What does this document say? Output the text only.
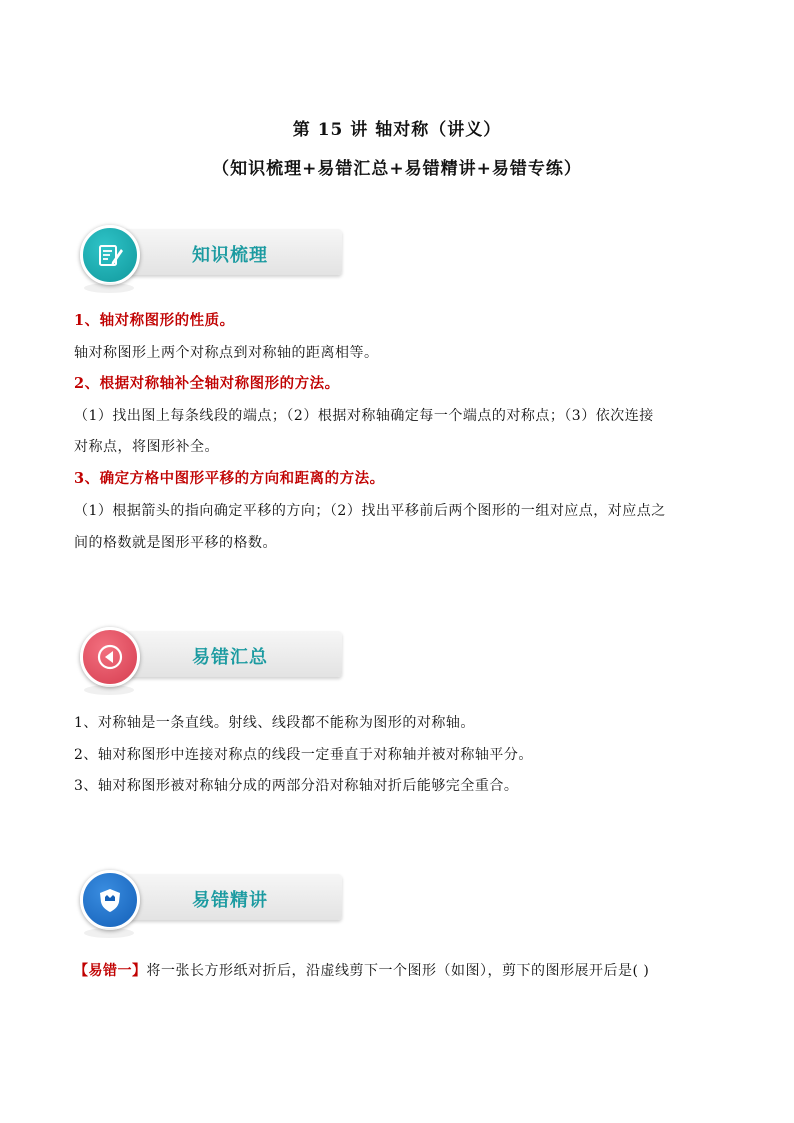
第 15 讲 轴对称（讲义）
（知识梳理+易错汇总+易错精讲+易错专练）
知识梳理
1、轴对称图形的性质。
轴对称图形上两个对称点到对称轴的距离相等。
2、根据对称轴补全轴对称图形的方法。
（1）找出图上每条线段的端点；（2）根据对称轴确定每一个端点的对称点；（3）依次连接
对称点，将图形补全。
3、确定方格中图形平移的方向和距离的方法。
（1）根据箭头的指向确定平移的方向；（2）找出平移前后两个图形的一组对应点，对应点之
间的格数就是图形平移的格数。
易错汇总
1、对称轴是一条直线。射线、线段都不能称为图形的对称轴。
2、轴对称图形中连接对称点的线段一定垂直于对称轴并被对称轴平分。
3、轴对称图形被对称轴分成的两部分沿对称轴对折后能够完全重合。
易错精讲
【易错一】将一张长方形纸对折后，沿虚线剪下一个图形（如图），剪下的图形展开后是( )
